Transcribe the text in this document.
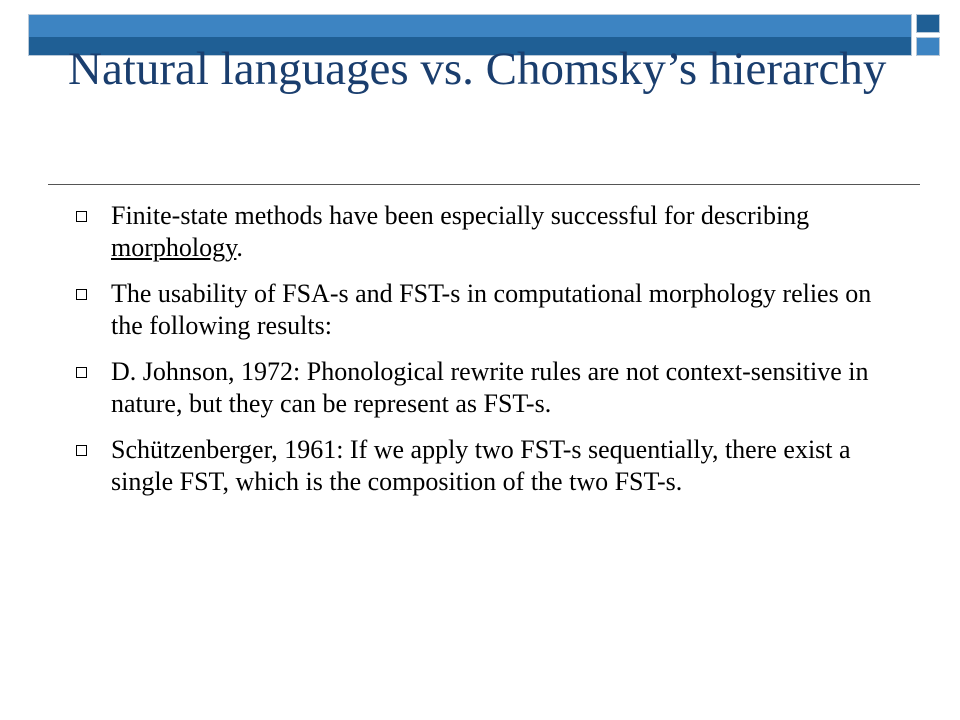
Natural languages vs. Chomsky’s hierarchy
Finite-state methods have been especially successful for describing morphology.
The usability of FSA-s and FST-s in computational morphology relies on the following results:
D. Johnson, 1972: Phonological rewrite rules are not context-sensitive in nature, but they can be represent as FST-s.
Schützenberger, 1961: If we apply two FST-s sequentially, there exist a single FST, which is the composition of the two FST-s.
